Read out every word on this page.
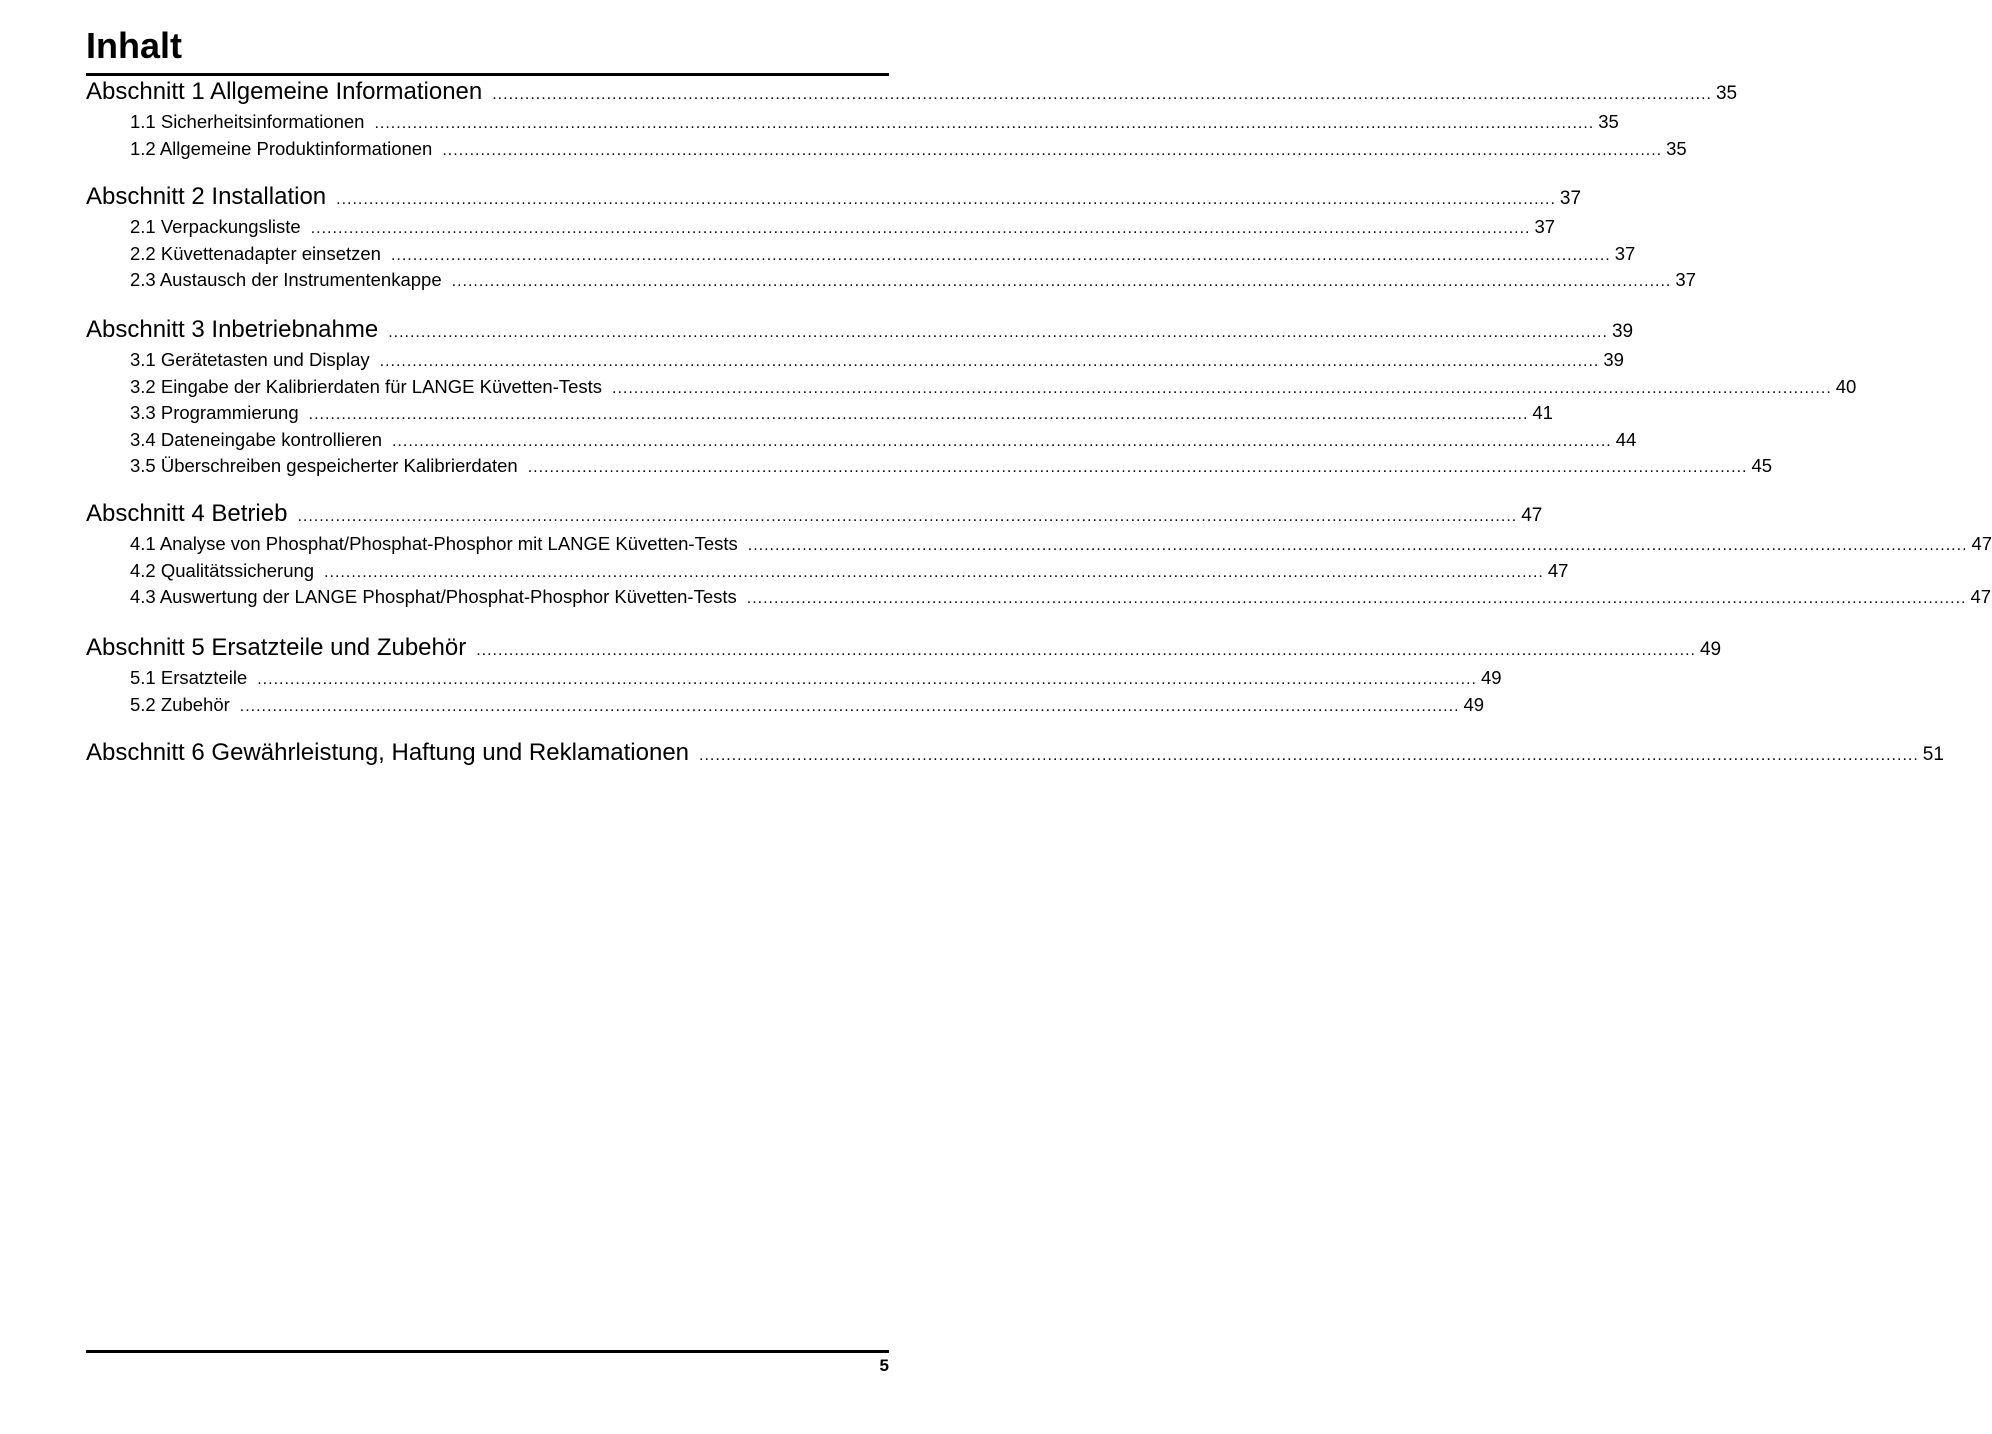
Inhalt
Abschnitt 1 Allgemeine Informationen ................................................................................................................................................................................................................................ 35
1.1 Sicherheitsinformationen ................................................................................................................................................................................................................................ 35
1.2 Allgemeine Produktinformationen ................................................................................................................................................................................................................................ 35
Abschnitt 2 Installation ................................................................................................................................................................................................................................ 37
2.1 Verpackungsliste ................................................................................................................................................................................................................................ 37
2.2 Küvettenadapter einsetzen ................................................................................................................................................................................................................................ 37
2.3 Austausch der Instrumentenkappe ................................................................................................................................................................................................................................ 37
Abschnitt 3 Inbetriebnahme ................................................................................................................................................................................................................................ 39
3.1 Gerätetasten und Display ................................................................................................................................................................................................................................ 39
3.2 Eingabe der Kalibrierdaten für LANGE Küvetten-Tests ................................................................................................................................................................................................................................ 40
3.3 Programmierung ................................................................................................................................................................................................................................ 41
3.4 Dateneingabe kontrollieren ................................................................................................................................................................................................................................ 44
3.5 Überschreiben gespeicherter Kalibrierdaten ................................................................................................................................................................................................................................ 45
Abschnitt 4 Betrieb ................................................................................................................................................................................................................................ 47
4.1 Analyse von Phosphat/Phosphat-Phosphor mit LANGE Küvetten-Tests ................................................................................................................................................................................................................................ 47
4.2 Qualitätssicherung ................................................................................................................................................................................................................................ 47
4.3 Auswertung der LANGE Phosphat/Phosphat-Phosphor Küvetten-Tests ................................................................................................................................................................................................................................ 47
Abschnitt 5 Ersatzteile und Zubehör ................................................................................................................................................................................................................................ 49
5.1 Ersatzteile ................................................................................................................................................................................................................................ 49
5.2 Zubehör ................................................................................................................................................................................................................................ 49
Abschnitt 6 Gewährleistung, Haftung und Reklamationen ................................................................................................................................................................................................................................ 51
5
